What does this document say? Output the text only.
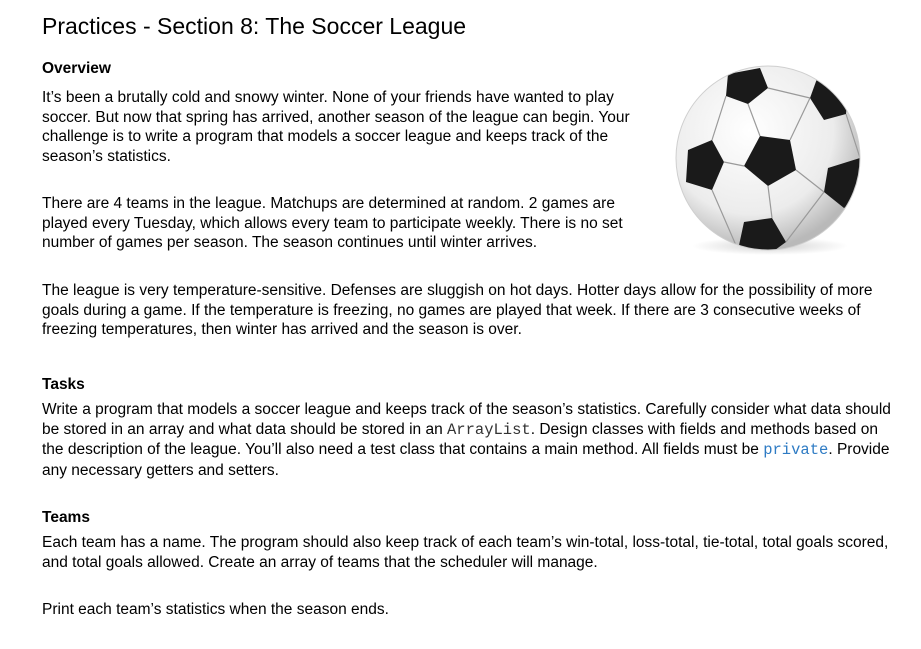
Practices - Section 8: The Soccer League
Overview

It’s been a brutally cold and snowy winter. None of your friends have wanted to play soccer. But now that spring has arrived, another season of the league can begin. Your challenge is to write a program that models a soccer league and keeps track of the season’s statistics.

There are 4 teams in the league. Matchups are determined at random. 2 games are played every Tuesday, which allows every team to participate weekly. There is no set number of games per season. The season continues until winter arrives.

The league is very temperature-sensitive. Defenses are sluggish on hot days. Hotter days allow for the possibility of more goals during a game. If the temperature is freezing, no games are played that week. If there are 3 consecutive weeks of freezing temperatures, then winter has arrived and the season is over.

Tasks

Write a program that models a soccer league and keeps track of the season’s statistics. Carefully consider what data should be stored in an array and what data should be stored in an ArrayList. Design classes with fields and methods based on the description of the league. You’ll also need a test class that contains a main method. All fields must be private. Provide any necessary getters and setters.

Teams

Each team has a name. The program should also keep track of each team’s win-total, loss-total, tie-total, total goals scored, and total goals allowed. Create an array of teams that the scheduler will manage.

Print each team’s statistics when the season ends.
